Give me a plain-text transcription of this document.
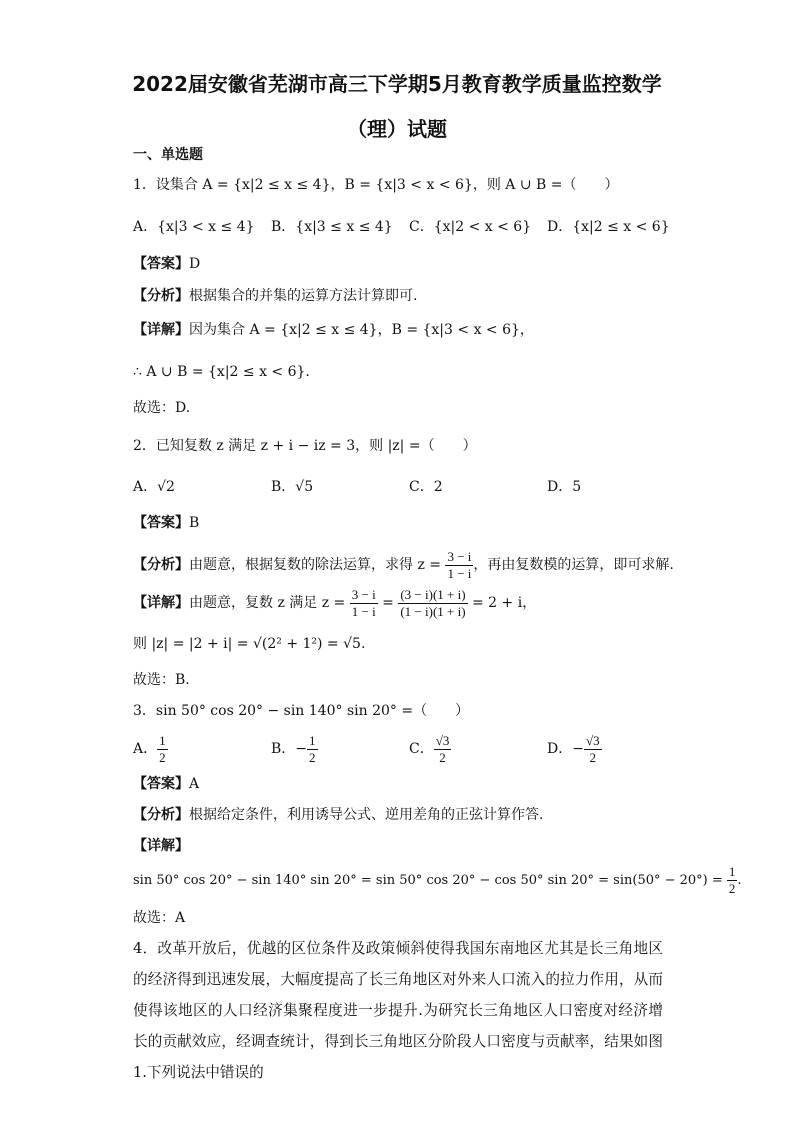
2022届安徽省芜湖市高三下学期5月教育教学质量监控数学
（理）试题
一、单选题
1．设集合 A = {x|2 ≤ x ≤ 4}，B = {x|3 < x < 6}，则 A ∪ B =（　　）
A．{x|3 < x ≤ 4} B．{x|3 ≤ x ≤ 4} C．{x|2 < x < 6} D．{x|2 ≤ x < 6}
【答案】D
【分析】根据集合的并集的运算方法计算即可.
【详解】因为集合 A = {x|2 ≤ x ≤ 4}，B = {x|3 < x < 6}，
∴ A ∪ B = {x|2 ≤ x < 6}.
故选：D.
2．已知复数 z 满足 z + i − iz = 3，则 |z| =（　　）
A．√2	B．√5	C．2	D．5
【答案】B
【分析】由题意，根据复数的除法运算，求得 $z = \frac{3 - i}{1 - i}$ ，再由复数模的运算，即可求解.
【详解】由题意，复数 z 满足 $z = \frac{3 - i}{1 - i} = \frac{(3 - i)(1 + i)}{(1 - i)(1 + i)} = 2 + i$，
则 |z| = |2 + i| = √(2² + 1²) = √5.
故选：B.
3．sin 50° cos 20° − sin 140° sin 20° =（　　）
A． $\frac{1}{2}$	B．− $\frac{1}{2}$	C． $\frac{√3}{2}$	D．− $\frac{√3}{2}$
【答案】A
【分析】根据给定条件，利用诱导公式、逆用差角的正弦计算作答.
【详解】
sin 50° cos 20° − sin 140° sin 20° = sin 50° cos 20° − cos 50° $\sin 20^\circ = \sin(50^\circ - 20^\circ) = \frac{1}{2}$ .
故选：A
4．改革开放后，优越的区位条件及政策倾斜使得我国东南地区尤其是长三角地区的经济得到迅速发展，大幅度提高了长三角地区对外来人口流入的拉力作用，从而使得该地区的人口经济集聚程度进一步提升.为研究长三角地区人口密度对经济增长的贡献效应，经调查统计，得到长三角地区分阶段人口密度与贡献率，结果如图1.下列说法中错误的
